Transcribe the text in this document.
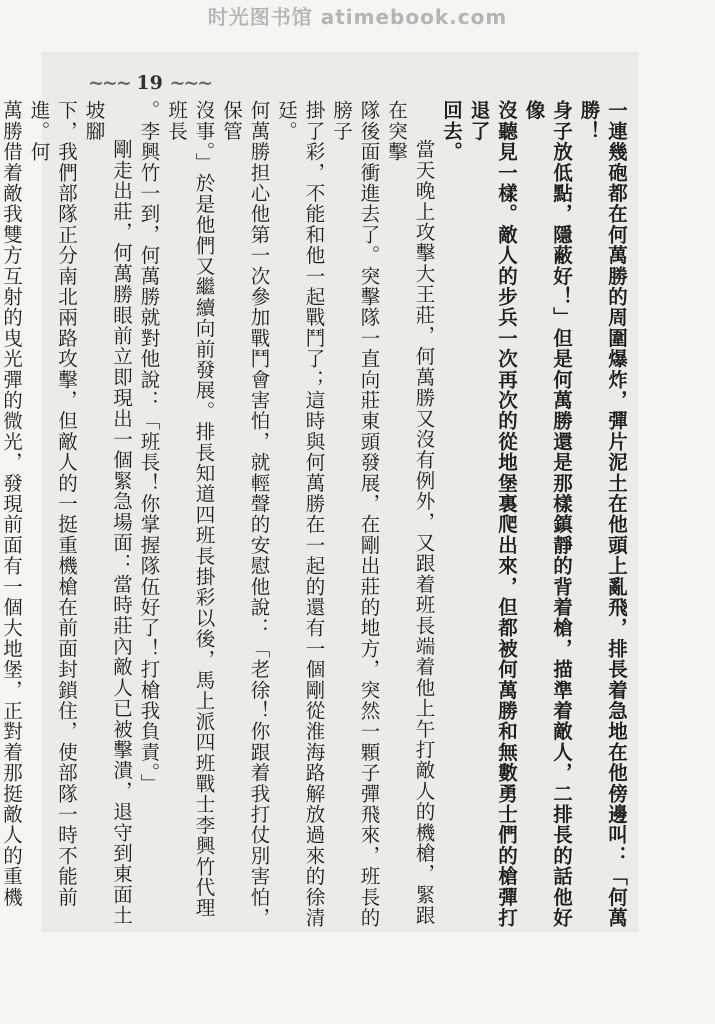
时光图书馆 atimebook.com
~~~ 19 ~~~

一連幾砲都在何萬勝的周圍爆炸，彈片泥土在他頭上亂飛，排長着急地在他傍邊叫：「何萬勝！

身子放低點，隱蔽好！」但是何萬勝還是那樣鎮靜的背着槍，描準着敵人，二排長的話他好像

沒聽見一樣。敵人的步兵一次再次的從地堡裏爬出來，但都被何萬勝和無數勇士們的槍彈打退了

回去。

當天晚上攻擊大王莊，何萬勝又沒有例外，又跟着班長端着他上午打敵人的機槍，緊跟在突擊

隊後面衝進去了。突擊隊一直向莊東頭發展，在剛出莊的地方，突然一顆子彈飛來，班長的膀子

掛了彩，不能和他一起戰鬥了；這時與何萬勝在一起的還有一個剛從淮海路解放過來的徐清廷。

何萬勝担心他第一次參加戰鬥會害怕，就輕聲的安慰他說：「老徐！你跟着我打仗別害怕，保管

沒事。」於是他們又繼續向前發展。排長知道四班長掛彩以後，馬上派四班戰士李興竹代理班長

。李興竹一到，何萬勝就對他說：「班長！你掌握隊伍好了！打槍我負責。」

剛走出莊，何萬勝眼前立即現出一個緊急場面：當時莊內敵人已被擊潰，退守到東面土坡腳

下，我們部隊正分南北兩路攻擊，但敵人的一挺重機槍在前面封鎖住，使部隊一時不能前進。何

萬勝借着敵我雙方互射的曳光彈的微光，發現前面有一個大地堡，正對着那挺敵人的重機
